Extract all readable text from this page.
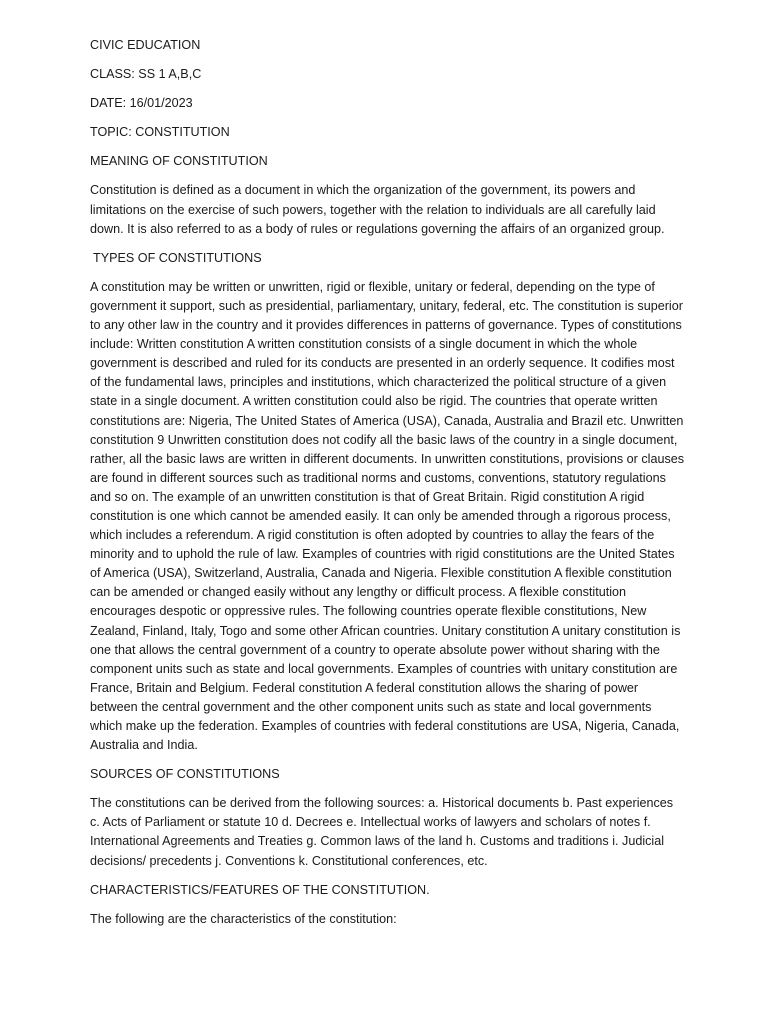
CIVIC EDUCATION
CLASS: SS 1 A,B,C
DATE: 16/01/2023
TOPIC: CONSTITUTION
MEANING OF CONSTITUTION

Constitution is defined as a document in which the organization of the government, its powers and limitations on the exercise of such powers, together with the relation to individuals are all carefully laid down. It is also referred to as a body of rules or regulations governing the affairs of an organized group.

TYPES OF CONSTITUTIONS

A constitution may be written or unwritten, rigid or flexible, unitary or federal, depending on the type of government it support, such as presidential, parliamentary, unitary, federal, etc. The constitution is superior to any other law in the country and it provides differences in patterns of governance. Types of constitutions include: Written constitution A written constitution consists of a single document in which the whole government is described and ruled for its conducts are presented in an orderly sequence. It codifies most of the fundamental laws, principles and institutions, which characterized the political structure of a given state in a single document. A written constitution could also be rigid. The countries that operate written constitutions are: Nigeria, The United States of America (USA), Canada, Australia and Brazil etc. Unwritten constitution 9 Unwritten constitution does not codify all the basic laws of the country in a single document, rather, all the basic laws are written in different documents. In unwritten constitutions, provisions or clauses are found in different sources such as traditional norms and customs, conventions, statutory regulations and so on. The example of an unwritten constitution is that of Great Britain. Rigid constitution A rigid constitution is one which cannot be amended easily. It can only be amended through a rigorous process, which includes a referendum. A rigid constitution is often adopted by countries to allay the fears of the minority and to uphold the rule of law. Examples of countries with rigid constitutions are the United States of America (USA), Switzerland, Australia, Canada and Nigeria. Flexible constitution A flexible constitution can be amended or changed easily without any lengthy or difficult process. A flexible constitution encourages despotic or oppressive rules. The following countries operate flexible constitutions, New Zealand, Finland, Italy, Togo and some other African countries. Unitary constitution A unitary constitution is one that allows the central government of a country to operate absolute power without sharing with the component units such as state and local governments. Examples of countries with unitary constitution are France, Britain and Belgium. Federal constitution A federal constitution allows the sharing of power between the central government and the other component units such as state and local governments which make up the federation. Examples of countries with federal constitutions are USA, Nigeria, Canada, Australia and India.

SOURCES OF CONSTITUTIONS

The constitutions can be derived from the following sources: a. Historical documents b. Past experiences c. Acts of Parliament or statute 10 d. Decrees e. Intellectual works of lawyers and scholars of notes f. International Agreements and Treaties g. Common laws of the land h. Customs and traditions i. Judicial decisions/ precedents j. Conventions k. Constitutional conferences, etc.

CHARACTERISTICS/FEATURES OF THE CONSTITUTION.

The following are the characteristics of the constitution:
